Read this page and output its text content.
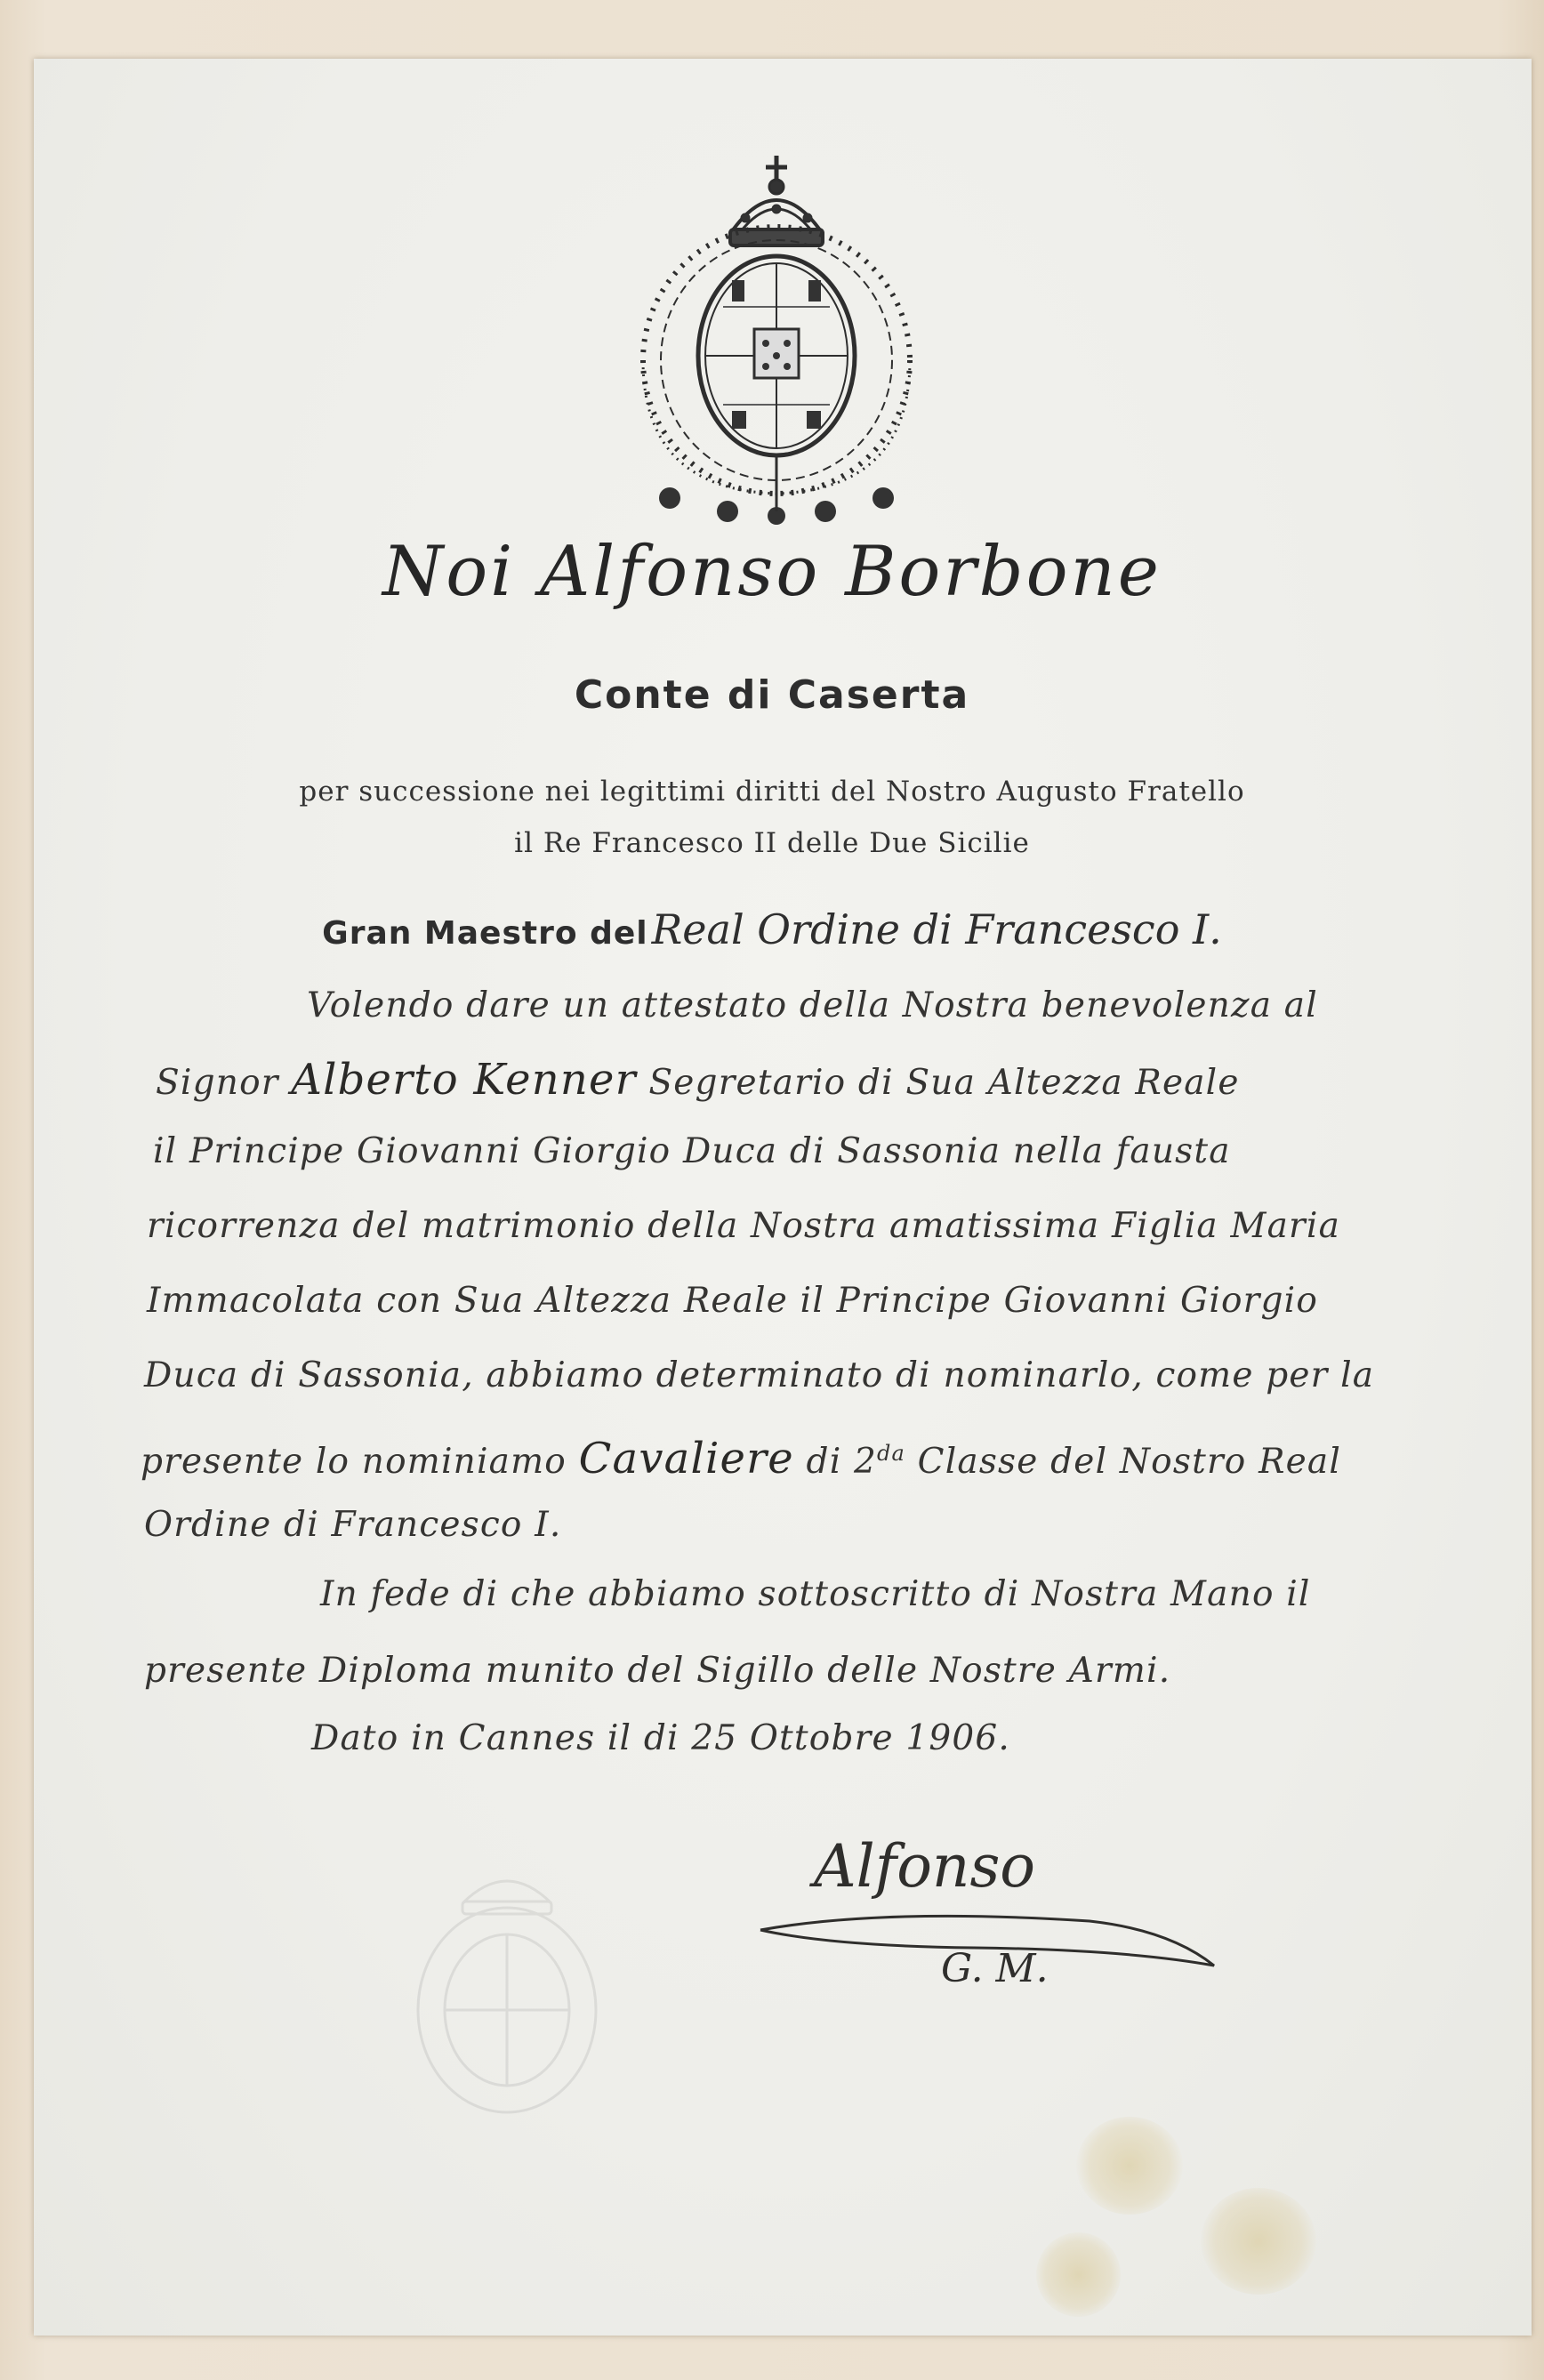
Noi Alfonso Borbone
Conte di Caserta
per successione nei legittimi diritti del Nostro Augusto Fratello
il Re Francesco II delle Due Sicilie
Gran Maestro del Real Ordine di Francesco I.
Volendo dare un attestato della Nostra benevolenza al
Signor Alberto Kenner Segretario di Sua Altezza Reale
il Principe Giovanni Giorgio Duca di Sassonia nella fausta
ricorrenza del matrimonio della Nostra amatissima Figlia Maria
Immacolata con Sua Altezza Reale il Principe Giovanni Giorgio
Duca di Sassonia, abbiamo determinato di nominarlo, come per la
presente lo nominiamo Cavaliere di $2^{da}$ Classe del Nostro Real
Ordine di Francesco I.
In fede di che abbiamo sottoscritto di Nostra Mano il
presente Diploma munito del Sigillo delle Nostre Armi.
Dato in Cannes il di 25 Ottobre 1906.
Alfonso
G. M.
